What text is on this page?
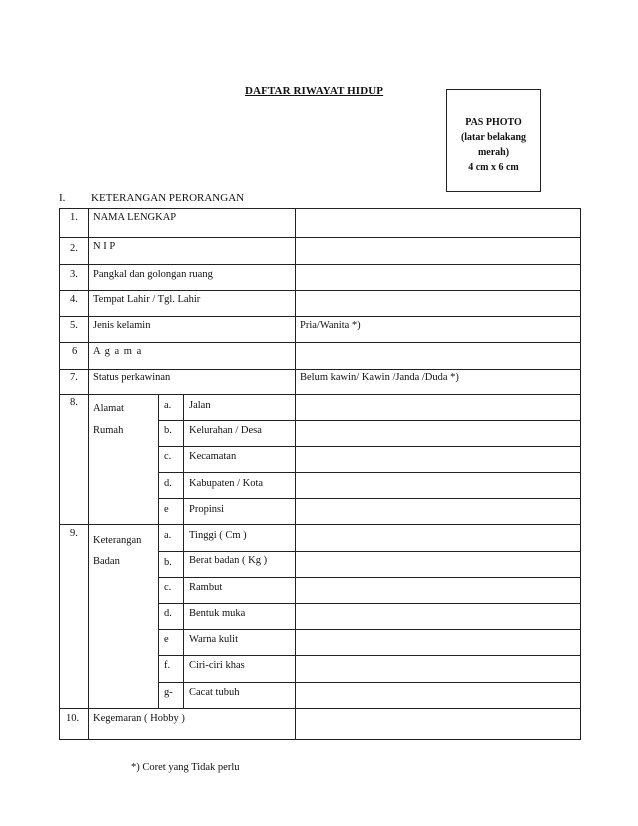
DAFTAR RIWAYAT HIDUP
PAS PHOTO
(latar belakang
merah)
4 cm x 6 cm
I. KETERANGAN PERORANGAN
1. NAMA LENGKAP
2. N I P
3. Pangkal dan golongan ruang
4. Tempat Lahir / Tgl. Lahir
5. Jenis kelamin	Pria/Wanita *)
6 A g a m a
7. Status perkawinan	Belum kawin/ Kawin /Janda /Duda *)
8.
Alamat
Rumah
a. Jalan
b. Kelurahan / Desa
c. Kecamatan
d. Kabupaten / Kota
e Propinsi
9.
Keterangan
Badan
a. Tinggi ( Cm )
b. Berat badan ( Kg )
c. Rambut
d. Bentuk muka
e Warna kulit
f. Ciri-ciri khas
g- Cacat tubuh
10. Kegemaran ( Hobby )
*) Coret yang Tidak perlu
